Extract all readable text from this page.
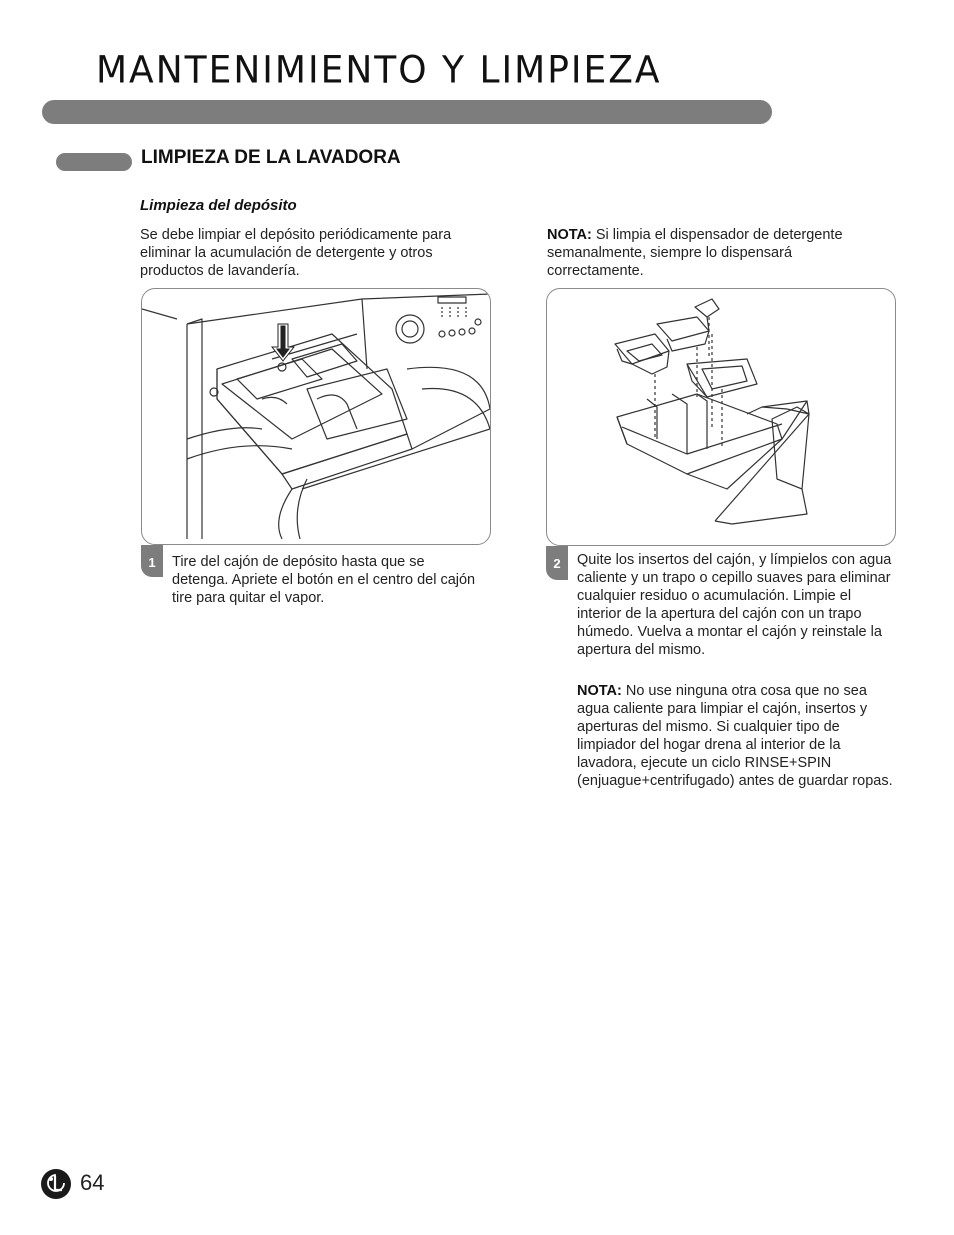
MANTENIMIENTO Y LIMPIEZA
LIMPIEZA DE LA LAVADORA
Limpieza del depósito

Se debe limpiar el depósito periódicamente para eliminar la acumulación de detergente y otros productos de lavandería.

NOTA: Si limpia el dispensador de detergente semanalmente, siempre lo dispensará correctamente.

1	Tire del cajón de depósito hasta que se detenga. Apriete el botón en el centro del cajón tire para quitar el vapor.

2	Quite los insertos del cajón, y límpielos con agua caliente y un trapo o cepillo suaves para eliminar cualquier residuo o acumulación. Limpie el interior de la apertura del cajón con un trapo húmedo. Vuelva a montar el cajón y reinstale la apertura del mismo.

NOTA: No use ninguna otra cosa que no sea agua caliente para limpiar el cajón, insertos y aperturas del mismo. Si cualquier tipo de limpiador del hogar drena al interior de la lavadora, ejecute un ciclo RINSE+SPIN (enjuague+centrifugado) antes de guardar ropas.

64
